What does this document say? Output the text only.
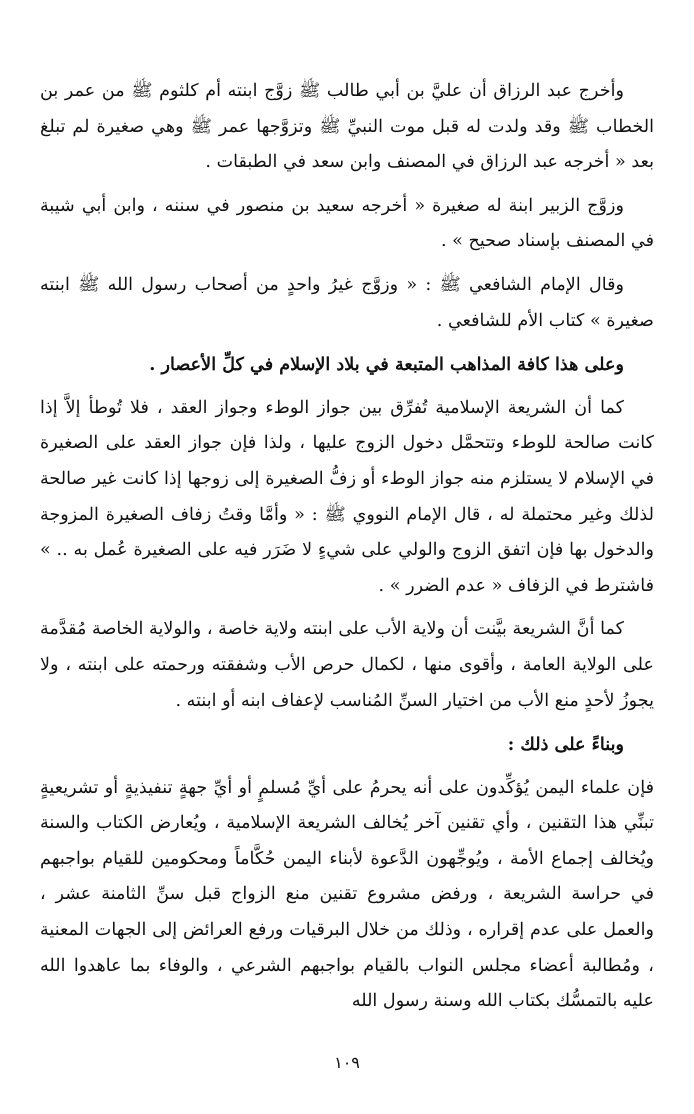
وأخرج عبد الرزاق أن عليَّ بن أبي طالب ﷺ زوَّج ابنته أم كلثوم ﷺ من عمر بن الخطاب ﷺ وقد ولدت له قبل موت النبيِّ ﷺ وتزوَّجها عمر ﷺ وهي صغيرة لم تبلغ بعد « أخرجه عبد الرزاق في المصنف وابن سعد في الطبقات .

وزوَّج الزبير ابنة له صغيرة « أخرجه سعيد بن منصور في سننه ، وابن أبي شيبة في المصنف بإسناد صحيح » .

وقال الإمام الشافعي ﷺ : « وزوَّج غيرُ واحدٍ من أصحاب رسول الله ﷺ ابنته صغيرة » كتاب الأم للشافعي .

وعلى هذا كافة المذاهب المتبعة في بلاد الإسلام في كلِّ الأعصار .

كما أن الشريعة الإسلامية تُفرِّق بين جواز الوطء وجواز العقد ، فلا تُوطأ إلاَّ إذا كانت صالحة للوطء وتتحمَّل دخول الزوج عليها ، ولذا فإن جواز العقد على الصغيرة في الإسلام لا يستلزم منه جواز الوطء أو زفُّ الصغيرة إلى زوجها إذا كانت غير صالحة لذلك وغير محتملة له ، قال الإمام النووي ﷺ : « وأمَّا وقتُ زفاف الصغيرة المزوجة والدخول بها فإن اتفق الزوج والولي على شيءٍ لا ضَرَر فيه على الصغيرة عُمل به .. » فاشترط في الزفاف « عدم الضرر » .

كما أنَّ الشريعة بيَّنت أن ولاية الأب على ابنته ولاية خاصة ، والولاية الخاصة مُقدَّمة على الولاية العامة ، وأقوى منها ، لكمال حرص الأب وشفقته ورحمته على ابنته ، ولا يجوزُ لأحدٍ منع الأب من اختيار السنِّ المُناسب لإعفاف ابنه أو ابنته .

وبناءً على ذلك :

فإن علماء اليمن يُؤكِّدون على أنه يحرمُ على أيِّ مُسلمٍ أو أيِّ جهةٍ تنفيذيةٍ أو تشريعيةٍ تبنِّي هذا التقنين ، وأي تقنين آخر يُخالف الشريعة الإسلامية ، ويُعارض الكتاب والسنة ويُخالف إجماع الأمة ، ويُوجِّهون الدَّعوة لأبناء اليمن حُكَّاماً ومحكومين للقيام بواجبهم في حراسة الشريعة ، ورفض مشروع تقنين منع الزواج قبل سنِّ الثامنة عشر ، والعمل على عدم إقراره ، وذلك من خلال البرقيات ورفع العرائض إلى الجهات المعنية ، ومُطالبة أعضاء مجلس النواب بالقيام بواجبهم الشرعي ، والوفاء بما عاهدوا الله عليه بالتمسُّك بكتاب الله وسنة رسول الله

١٠٩
